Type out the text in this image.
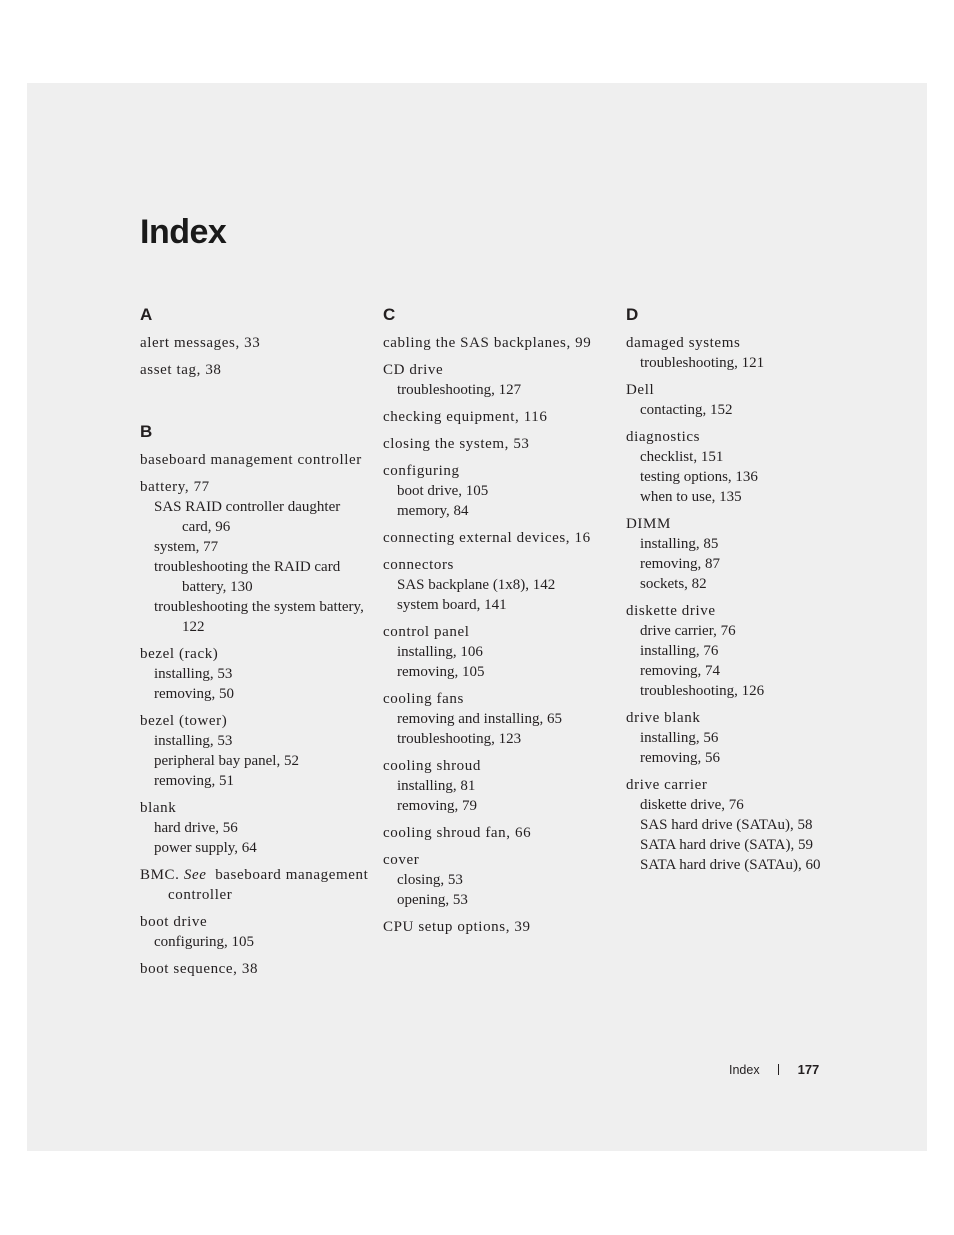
Index
A
alert messages, 33
asset tag, 38
B
baseboard management controller
battery, 77
SAS RAID controller daughter card, 96
system, 77
troubleshooting the RAID card battery, 130
troubleshooting the system battery, 122
bezel (rack)
installing, 53
removing, 50
bezel (tower)
installing, 53
peripheral bay panel, 52
removing, 51
blank
hard drive, 56
power supply, 64
BMC. See baseboard management controller
boot drive
configuring, 105
boot sequence, 38
C
cabling the SAS backplanes, 99
CD drive
troubleshooting, 127
checking equipment, 116
closing the system, 53
configuring
boot drive, 105
memory, 84
connecting external devices, 16
connectors
SAS backplane (1x8), 142
system board, 141
control panel
installing, 106
removing, 105
cooling fans
removing and installing, 65
troubleshooting, 123
cooling shroud
installing, 81
removing, 79
cooling shroud fan, 66
cover
closing, 53
opening, 53
CPU setup options, 39
D
damaged systems
troubleshooting, 121
Dell
contacting, 152
diagnostics
checklist, 151
testing options, 136
when to use, 135
DIMM
installing, 85
removing, 87
sockets, 82
diskette drive
drive carrier, 76
installing, 76
removing, 74
troubleshooting, 126
drive blank
installing, 56
removing, 56
drive carrier
diskette drive, 76
SAS hard drive (SATAu), 58
SATA hard drive (SATA), 59
SATA hard drive (SATAu), 60
Index	177
